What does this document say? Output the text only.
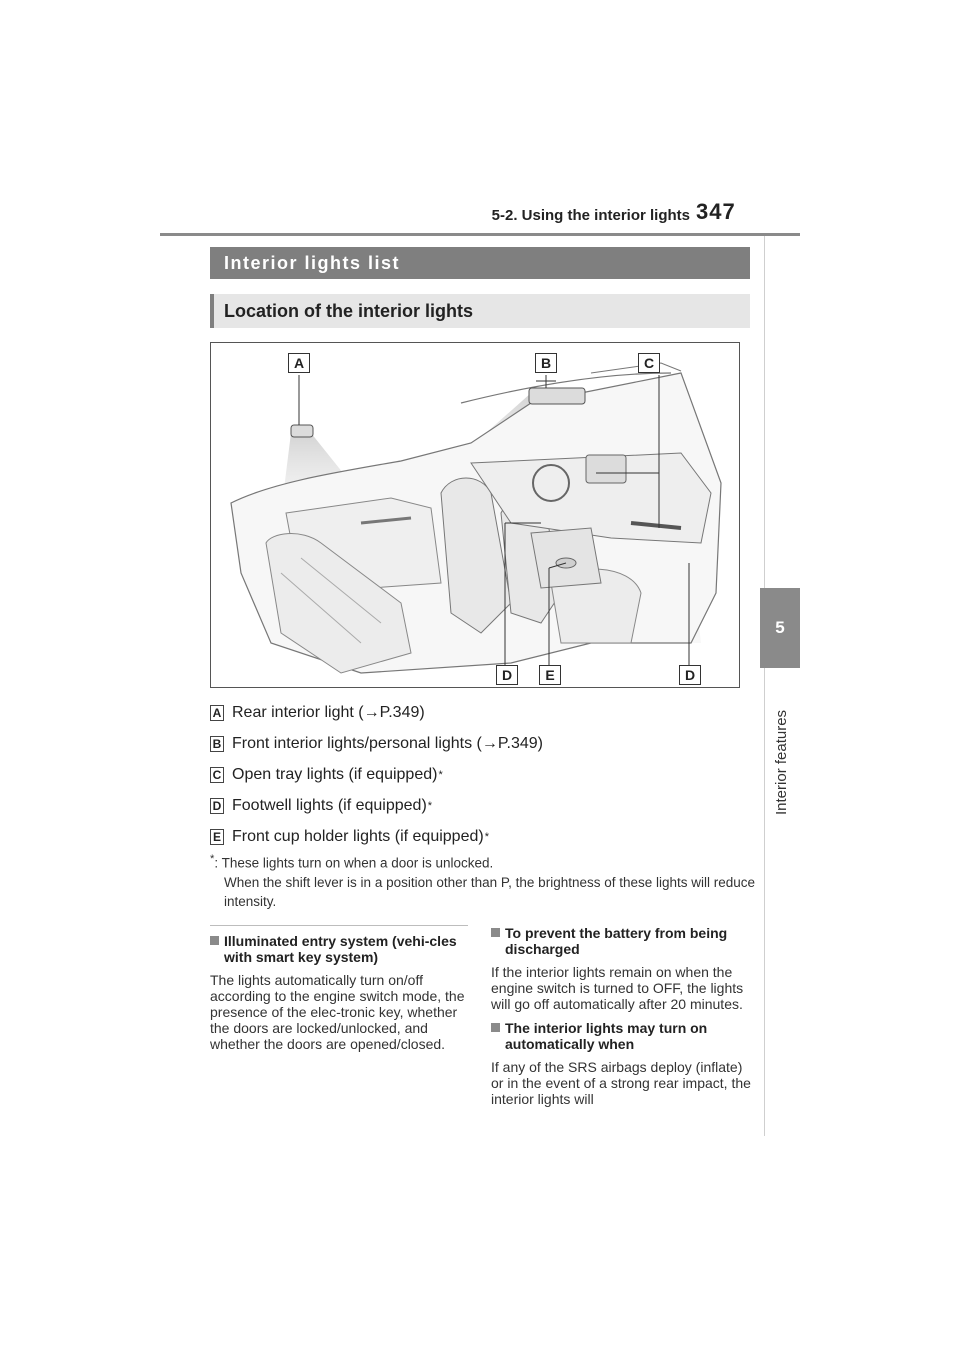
5-2. Using the interior lights 347
5
Interior features
Interior lights list
Location of the interior lights
A	B	C
D	E	D
A Rear interior light ( → P.349)
B Front interior lights/personal lights ( → P.349)
C Open tray lights (if equipped) *
D Footwell lights (if equipped) *
E Front cup holder lights (if equipped) *
*: These lights turn on when a door is unlocked.
When the shift lever is in a position other than P, the brightness of these lights will reduce intensity.
Illuminated entry system (vehi-cles with smart key system)

The lights automatically turn on/off according to the engine switch mode, the presence of the elec-tronic key, whether the doors are locked/unlocked, and whether the doors are opened/closed.

To prevent the battery from being discharged

If the interior lights remain on when the engine switch is turned to OFF, the lights will go off automatically after 20 minutes.

The interior lights may turn on automatically when

If any of the SRS airbags deploy (inflate) or in the event of a strong rear impact, the interior lights will
